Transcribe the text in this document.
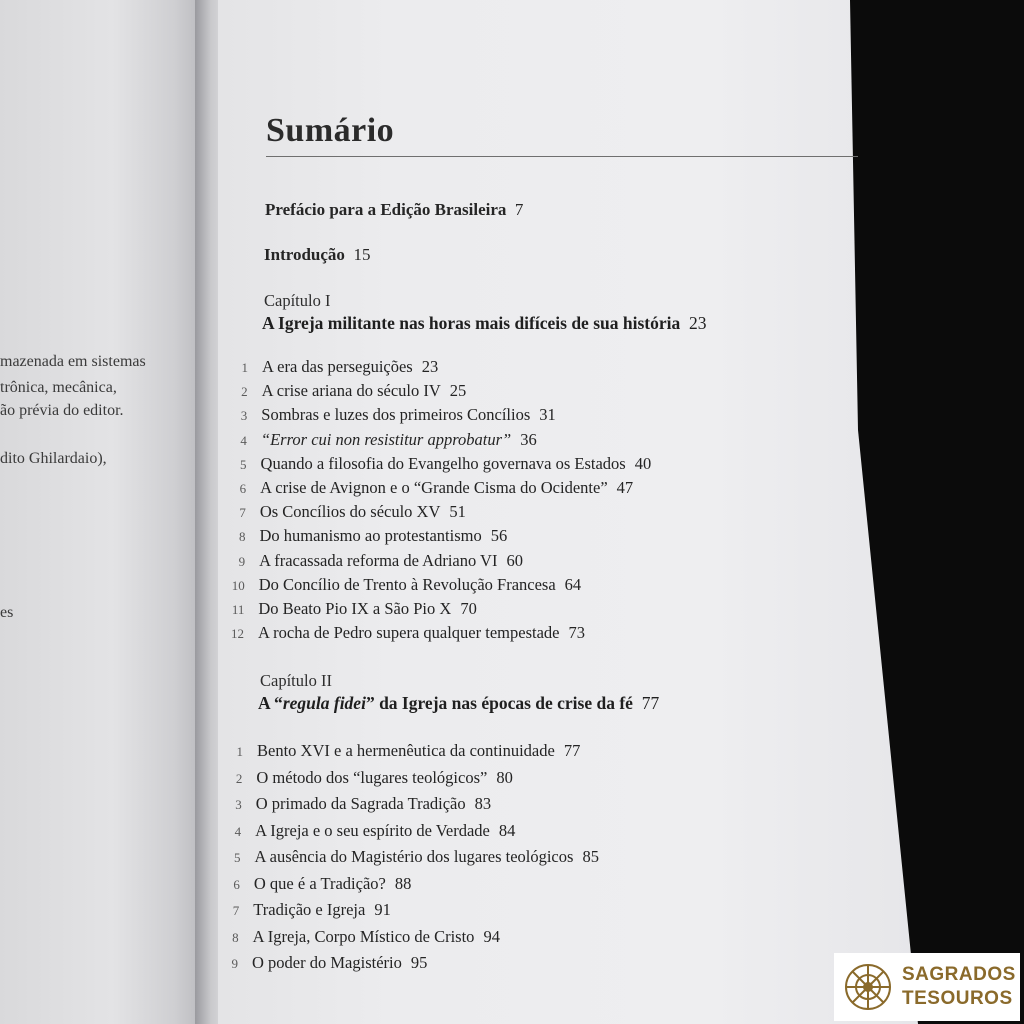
mazenada em sistemas
trônica, mecânica,
ão prévia do editor.
dito Ghilardaio),
es
Sumário
Prefácio para a Edição Brasileira 7
Introdução 15
Capítulo I
A Igreja militante nas horas mais difíceis de sua história 23
1 A era das perseguições 23
2 A crise ariana do século IV 25
3 Sombras e luzes dos primeiros Concílios 31
4 “Error cui non resistitur approbatur” 36
5 Quando a filosofia do Evangelho governava os Estados 40
6 A crise de Avignon e o “Grande Cisma do Ocidente” 47
7 Os Concílios do século XV 51
8 Do humanismo ao protestantismo 56
9 A fracassada reforma de Adriano VI 60
10 Do Concílio de Trento à Revolução Francesa 64
11 Do Beato Pio IX a São Pio X 70
12 A rocha de Pedro supera qualquer tempestade 73
Capítulo II
A “regula fidei” da Igreja nas épocas de crise da fé 77
1 Bento XVI e a hermenêutica da continuidade 77
2 O método dos “lugares teológicos” 80
3 O primado da Sagrada Tradição 83
4 A Igreja e o seu espírito de Verdade 84
5 A ausência do Magistério dos lugares teológicos 85
6 O que é a Tradição? 88
7 Tradição e Igreja 91
8 A Igreja, Corpo Místico de Cristo 94
9 O poder do Magistério 95
SAGRADOS
TESOUROS
